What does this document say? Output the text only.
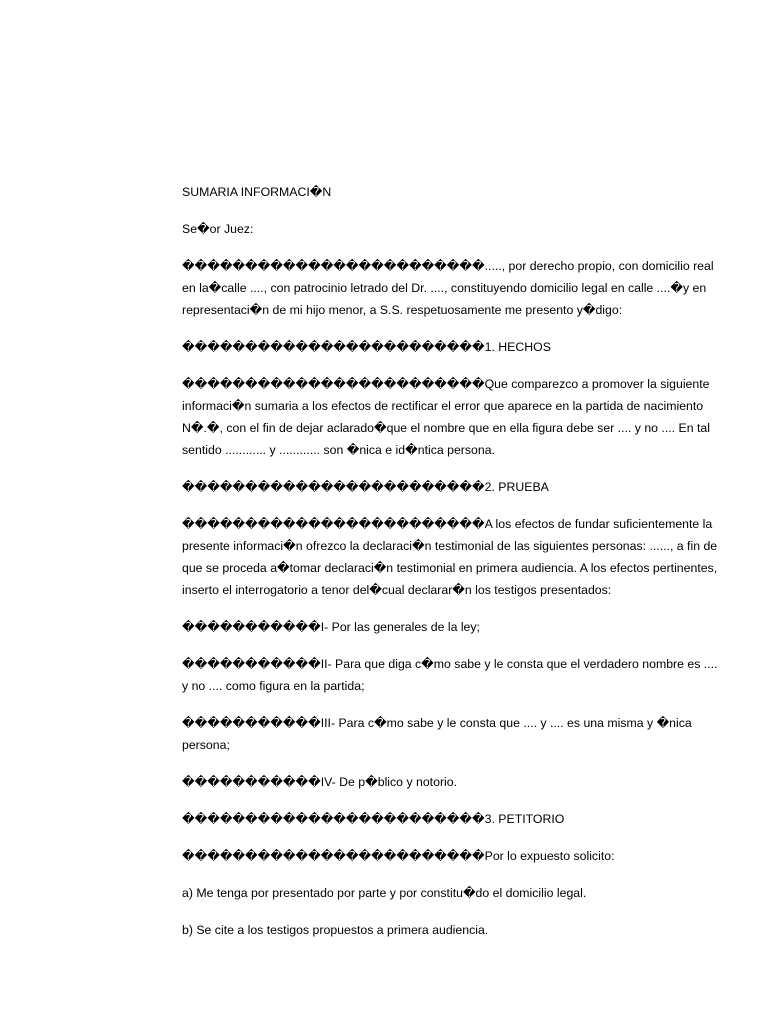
SUMARIA INFORMACI�N

Se�or Juez:

������������������������....., por derecho propio, con domicilio real en la�calle ...., con patrocinio letrado del Dr. ...., constituyendo domicilio legal en calle ....�y en representaci�n de mi hijo menor, a S.S. respetuosamente me presento y�digo:

������������������������1. HECHOS

������������������������Que comparezco a promover la siguiente informaci�n sumaria a los efectos de rectificar el error que aparece en la partida de nacimiento N�.�, con el fin de dejar aclarado�que el nombre que en ella figura debe ser .... y no .... En tal sentido ............ y ............ son �nica e id�ntica persona.

������������������������2. PRUEBA

������������������������A los efectos de fundar suficientemente la presente informaci�n ofrezco la declaraci�n testimonial de las siguientes personas: ......, a fin de que se proceda a�tomar declaraci�n testimonial en primera audiencia. A los efectos pertinentes, inserto el interrogatorio a tenor del�cual declarar�n los testigos presentados:

�����������I- Por las generales de la ley;

�����������II- Para que diga c�mo sabe y le consta que el verdadero nombre es .... y no .... como figura en la partida;

�����������III- Para c�mo sabe y le consta que .... y .... es una misma y �nica persona;

�����������IV- De p�blico y notorio.

������������������������3. PETITORIO

������������������������Por lo expuesto solicito:

a) Me tenga por presentado por parte y por constitu�do el domicilio legal.

b) Se cite a los testigos propuestos a primera audiencia.
